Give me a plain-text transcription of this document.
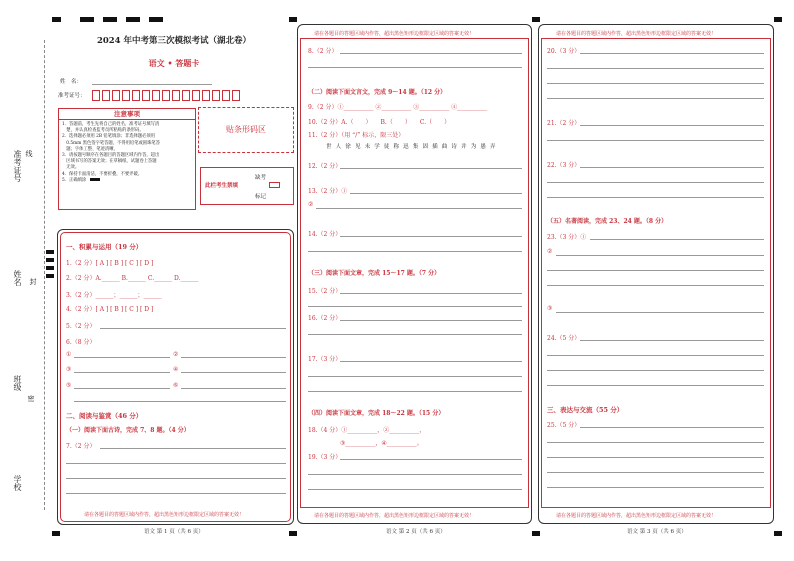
准考证号 线
姓名 封
班级
密
学校
2024 年中考第三次模拟考试（湖北卷）
语文 • 答题卡
姓　名：
准考证号：
注意事项
1．答题前，考生先将自己的姓名，准考证号填写清
　楚，并认真检查监考员所粘贴的条形码。
2．选择题必须用 2B 铅笔填涂；非选择题必须用
　0.5mm 黑色签字笔答题，不得用铅笔或圆珠笔答
　题；字体工整、笔迹清晰。
3．请按题号顺序在各题目的答题区域内作答，超出
　区域书写的答案无效；在草稿纸、试题卷上答题
　无效。
4．保持卡面清洁，不要折叠，不要弄破。
5．正确填涂
贴条形码区
此栏考生禁填
缺考
标记
一、积累与运用（19 分）
1.（2 分）[ A ] [ B ] [ C ] [ D ]
2.（2 分）A.______ B.______ C.______ D.______
3.（2 分）______；______；______
4.（2 分）[ A ] [ B ] [ C ] [ D ]
5.（2 分）
6.（8 分）
①	②
③	④
⑤	⑥
二、阅读与鉴赏（46 分）
（一）阅读下面古诗，完成 7、8 题。（4 分）
7.（2 分）
请在各题目的答题区域内作答，超出黑色矩形边框限定区域的答案无效！
语文 第 1 页（共 6 页）
请在各题目的答题区域内作答，超出黑色矩形边框限定区域的答案无效！
8.（2 分）
（二）阅读下面文言文，完成 9～14 题。（12 分）
9.（2 分）①__________ ②__________ ③__________ ④__________
10.（2 分）A.（　　）　　B.（　　）　　C.（　　）
11.（2 分）（用 “/” 标示，限三处）
世 人 徐 见 未 学 徒 称 迅 集 固 插 曲 诗 并 为 愚 弄
12.（2 分）
13.（2 分）①
②
14.（2 分）
（三）阅读下面文章，完成 15～17 题。（7 分）
15.（2 分）
16.（2 分）
17.（3 分）
（四）阅读下面文章，完成 18～22 题。（15 分）
18.（4 分）①__________，②__________，
③__________，④__________。
19.（3 分）
请在各题目的答题区域内作答，超出黑色矩形边框限定区域的答案无效！
语文 第 2 页（共 6 页）
请在各题目的答题区域内作答，超出黑色矩形边框限定区域的答案无效！
20.（3 分）
21.（2 分）
22.（3 分）
（五）名著阅读，完成 23、24 题。（8 分）
23.（3 分）①
②
③
24.（5 分）
三、表达与交流（55 分）
25.（5 分）
请在各题目的答题区域内作答，超出黑色矩形边框限定区域的答案无效！
语文 第 3 页（共 6 页）
